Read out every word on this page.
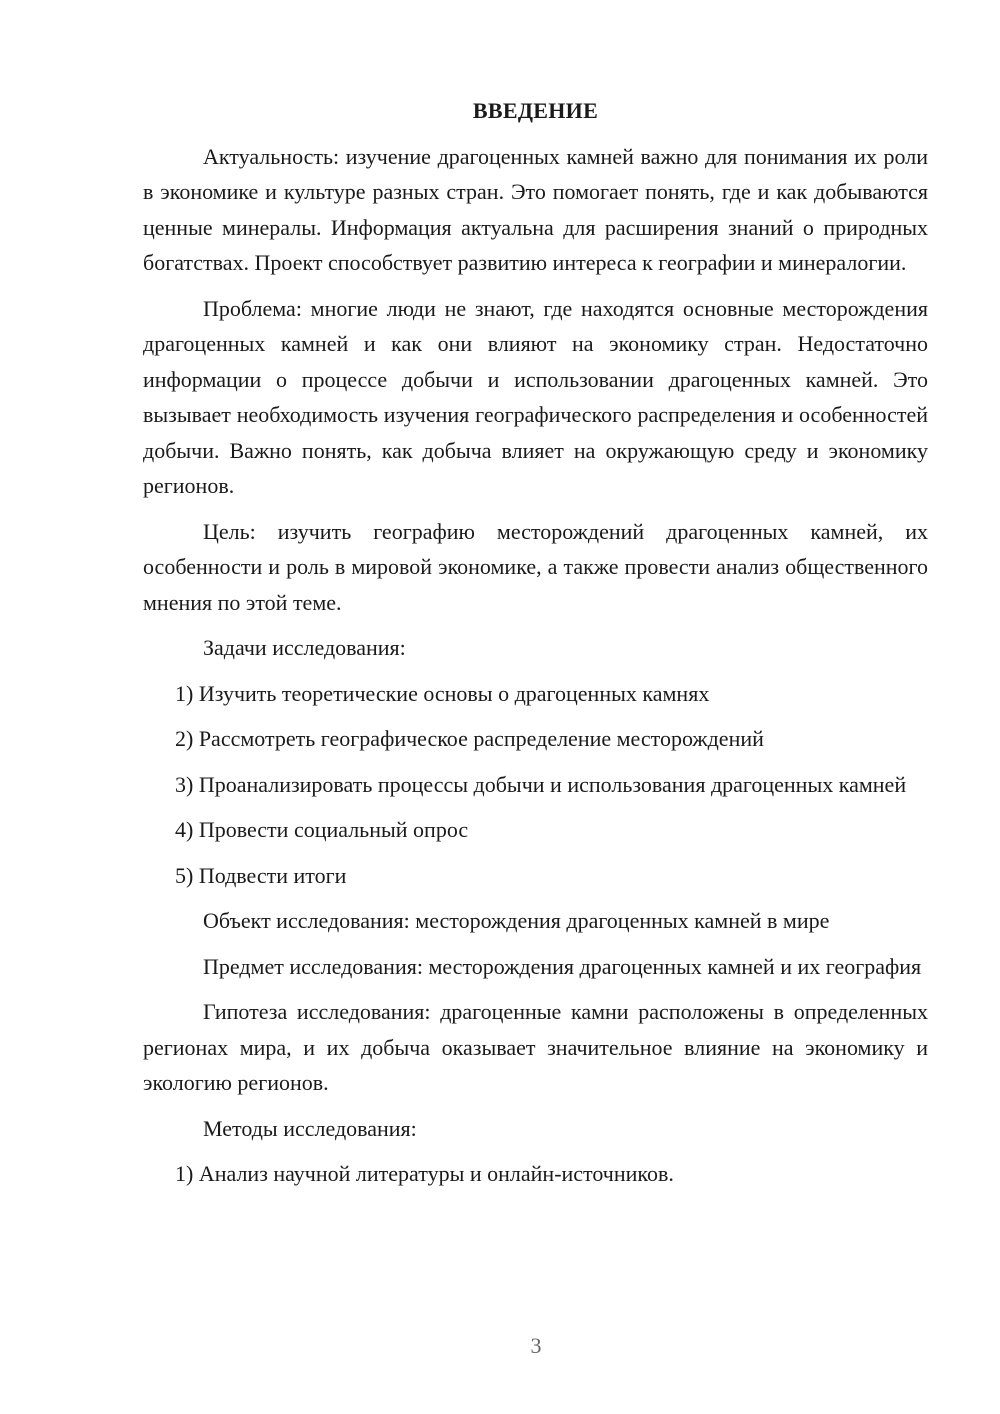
ВВЕДЕНИЕ

Актуальность: изучение драгоценных камней важно для понимания их роли в экономике и культуре разных стран. Это помогает понять, где и как добываются ценные минералы. Информация актуальна для расширения знаний о природных богатствах. Проект способствует развитию интереса к географии и минералогии.

Проблема: многие люди не знают, где находятся основные месторождения драгоценных камней и как они влияют на экономику стран. Недостаточно информации о процессе добычи и использовании драгоценных камней. Это вызывает необходимость изучения географического распределения и особенностей добычи. Важно понять, как добыча влияет на окружающую среду и экономику регионов.

Цель: изучить географию месторождений драгоценных камней, их особенности и роль в мировой экономике, а также провести анализ общественного мнения по этой теме.

Задачи исследования:

1) Изучить теоретические основы о драгоценных камнях

2) Рассмотреть географическое распределение месторождений

3) Проанализировать процессы добычи и использования драгоценных камней

4) Провести социальный опрос

5) Подвести итоги

Объект исследования: месторождения драгоценных камней в мире

Предмет исследования: месторождения драгоценных камней и их география

Гипотеза исследования: драгоценные камни расположены в определенных регионах мира, и их добыча оказывает значительное влияние на экономику и экологию регионов.

Методы исследования:

1) Анализ научной литературы и онлайн-источников.

3
